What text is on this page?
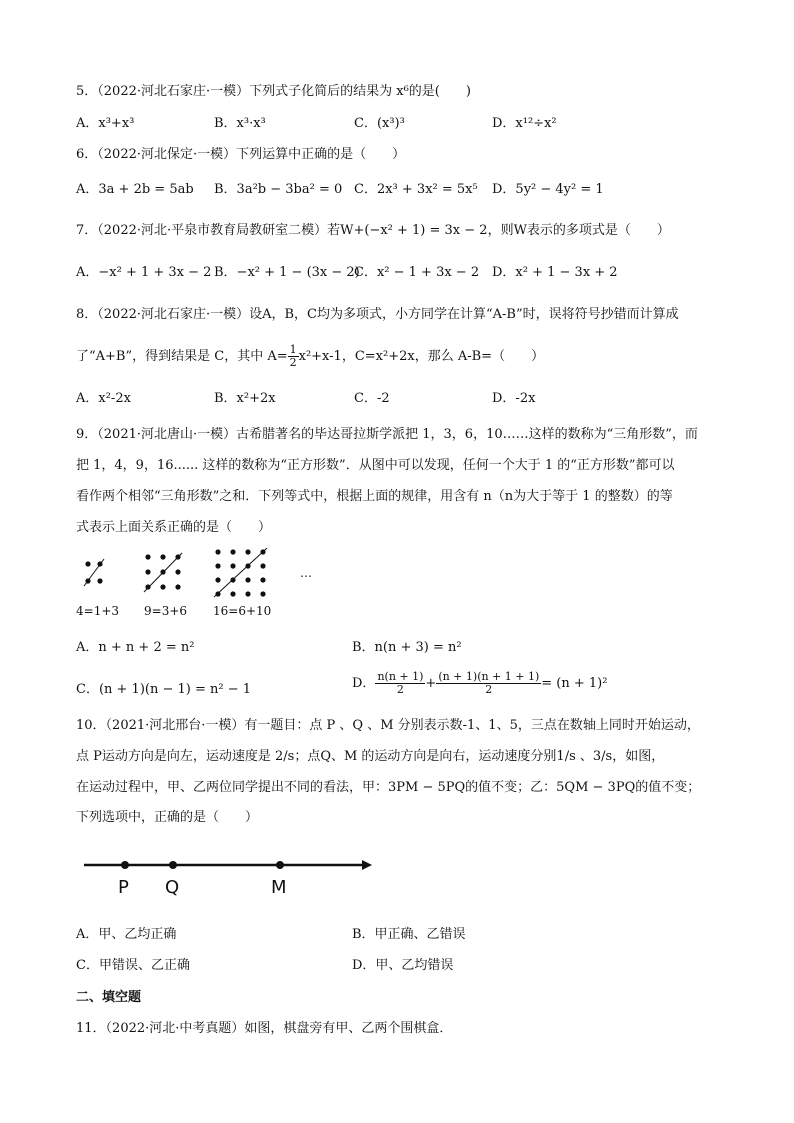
5．（2022·河北石家庄·一模）下列式子化简后的结果为 x⁶的是(　　)
A．x³+x³	B．x³·x³	C．(x³)³	D．x¹²÷x²
6．（2022·河北保定·一模）下列运算中正确的是（　　）
A．3a + 2b = 5ab B．3a²b − 3ba² = 0 C．2x³ + 3x² = 5x⁵ D．5y² − 4y² = 1
7．（2022·河北·平泉市教育局教研室二模）若W+(−x² + 1) = 3x − 2，则W表示的多项式是（　　）
A．−x² + 1 + 3x − 2 B．−x² + 1 − (3x − 2)
C．x² − 1 + 3x − 2 D．x² + 1 − 3x + 2
8．（2022·河北石家庄·一模）设A，B，C均为多项式，小方同学在计算“A-B”时，误将符号抄错而计算成
了“A+B”，得到结果是 C，其中 $A= \frac{1}{2} x^2+x-1$，C=x²+2x，那么 A-B=（　　）
A．x²-2x	B．x²+2x	C．-2	D．-2x
9．（2021·河北唐山·一模）古希腊著名的毕达哥拉斯学派把 1，3，6，10……这样的数称为“三角形数”，而
把 1，4，9，16...... 这样的数称为“正方形数”．从图中可以发现，任何一个大于 1 的“正方形数”都可以
看作两个相邻“三角形数”之和．下列等式中，根据上面的规律，用含有 n（n为大于等于 1 的整数）的等
式表示上面关系正确的是（　　）
…
4=1+3 9=3+6 16=6+10
A．n + n + 2 = n²	B．n(n + 3) = n²
C．(n + 1)(n − 1) = n² − 1	D． $\frac{n(n + 1)}{2} + \frac{(n + 1)(n + 1 + 1)}{2} = (n + 1)^2$
10．（2021·河北邢台·一模）有一题目：点 P 、Q 、M 分别表示数-1、1、5，三点在数轴上同时开始运动，
点 P运动方向是向左，运动速度是 2/s；点Q、M 的运动方向是向右，运动速度分别1/s 、3/s，如图，
在运动过程中，甲、乙两位同学提出不同的看法，甲：3PM − 5PQ的值不变；乙：5QM − 3PQ的值不变；
下列选项中，正确的是（　　）
P Q	M
A．甲、乙均正确	B．甲正确、乙错误
C．甲错误、乙正确	D．甲、乙均错误
二、填空题
11．（2022·河北·中考真题）如图，棋盘旁有甲、乙两个围棋盒．
